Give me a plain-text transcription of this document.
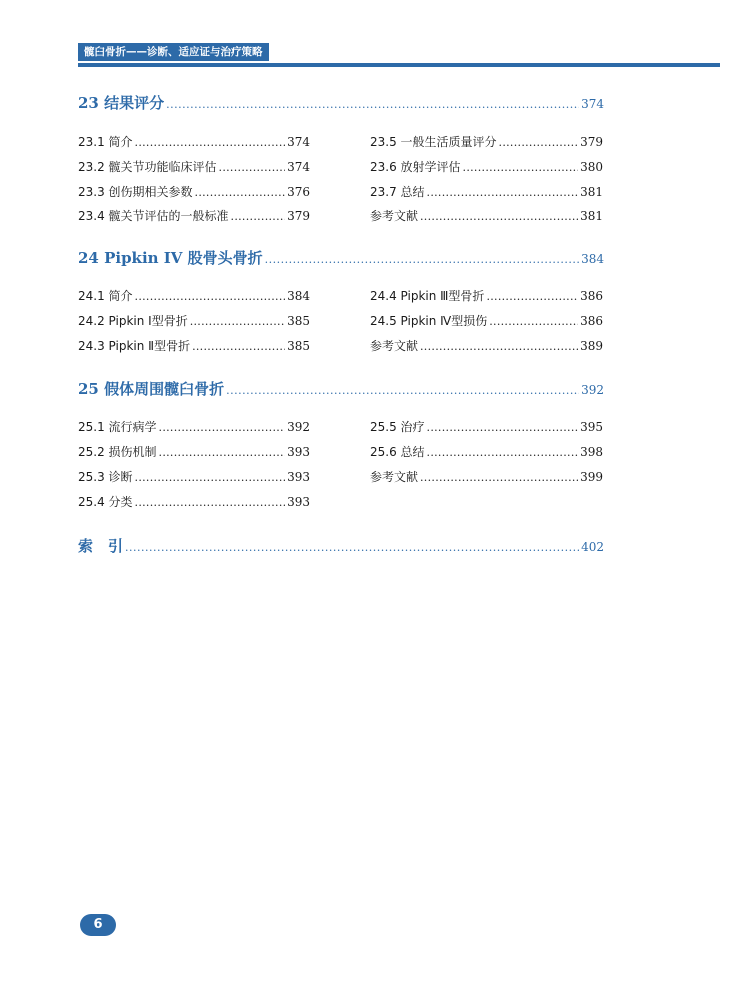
髋臼骨折——诊断、适应证与治疗策略
23 结果评分 .....	374
23.1 简介 .....	374
23.2 髋关节功能临床评估 .....	374
23.3 创伤期相关参数 .....	376
23.4 髋关节评估的一般标准 .....	379
23.5 一般生活质量评分 .....	379
23.6 放射学评估 .....	380
23.7 总结 .....	381
参考文献 .....	381
24 Pipkin IV 股骨头骨折 .....	384
24.1 简介 .....	384
24.2 Pipkin Ⅰ型骨折 .....	385
24.3 Pipkin Ⅱ型骨折 .....	385
24.4 Pipkin Ⅲ型骨折 .....	386
24.5 Pipkin Ⅳ型损伤 .....	386
参考文献 .....	389
25 假体周围髋臼骨折 .....	392
25.1 流行病学 .....	392
25.2 损伤机制 .....	393
25.3 诊断 .....	393
25.4 分类 .....	393
25.5 治疗 .....	395
25.6 总结 .....	398
参考文献 .....	399
索　引 .....	402
6
